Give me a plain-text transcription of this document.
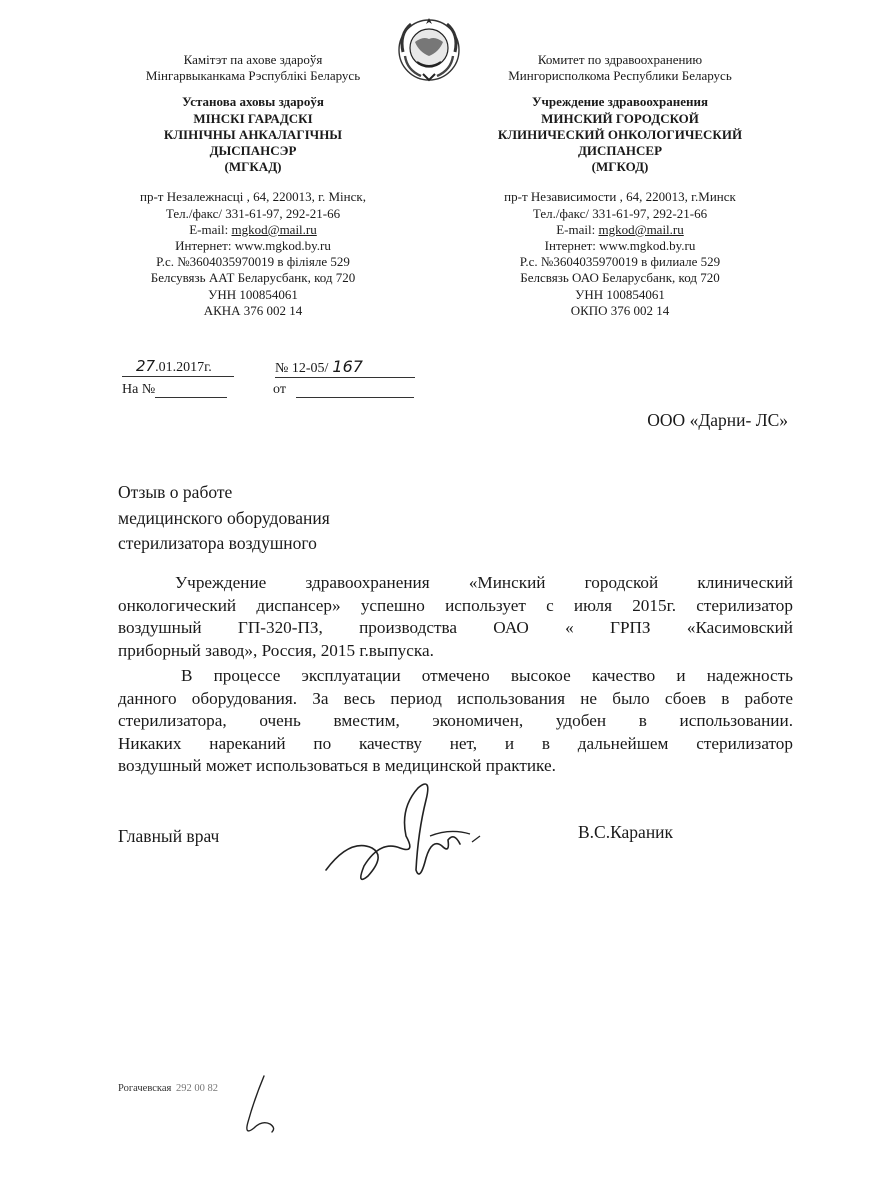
Камітэт па ахове здароўя
Мінгарвыканкама Рэспублікі Беларусь
Установа аховы здароўя
МІНСКІ ГАРАДСКІ
КЛІНІЧНЫ АНКАЛАГІЧНЫ
ДЫСПАНСЭР
(МГКАД)
пр-т Незалежнасці , 64, 220013, г. Мінск,
Тел./факс/ 331-61-97, 292-21-66
E-mail: mgkod@mail.ru
Интернет: www.mgkod.by.ru
Р.с. №3604035970019 в філіяле 529
Белсувязь ААТ Беларусбанк, код 720
УНН 100854061
АКНА 376 002 14
Комитет по здравоохранению
Мингорисполкома Республики Беларусь
Учреждение здравоохранения
МИНСКИЙ ГОРОДСКОЙ
КЛИНИЧЕСКИЙ ОНКОЛОГИЧЕСКИЙ
ДИСПАНСЕР
(МГКОД)
пр-т Независимости , 64, 220013, г.Минск
Тел./факс/ 331-61-97, 292-21-66
E-mail: mgkod@mail.ru
Інтернет: www.mgkod.by.ru
Р.с. №3604035970019 в филиале 529
Белсвязь ОАО Беларусбанк, код 720
УНН 100854061
ОКПО 376 002 14
27.01.2017г.	№ 12-05/ 167
На №	от
ООО «Дарни- ЛС»
Отзыв о работе
медицинского оборудования
стерилизатора воздушного

Учреждение здравоохранения «Минский городской клинический

онкологический диспансер» успешно использует с июля 2015г. стерилизатор

воздушный ГП-320-ПЗ, производства ОАО « ГРПЗ «Касимовский

приборный завод», Россия, 2015 г.выпуска.

В процессе эксплуатации отмечено высокое качество и надежность

данного оборудования. За весь период использования не было сбоев в работе

стерилизатора, очень вместим, экономичен, удобен в использовании.

Никаких нареканий по качеству нет, и в дальнейшем стерилизатор

воздушный может использоваться в медицинской практике.

Главный врач	В.С.Караник
Рогачевская 292 00 82
